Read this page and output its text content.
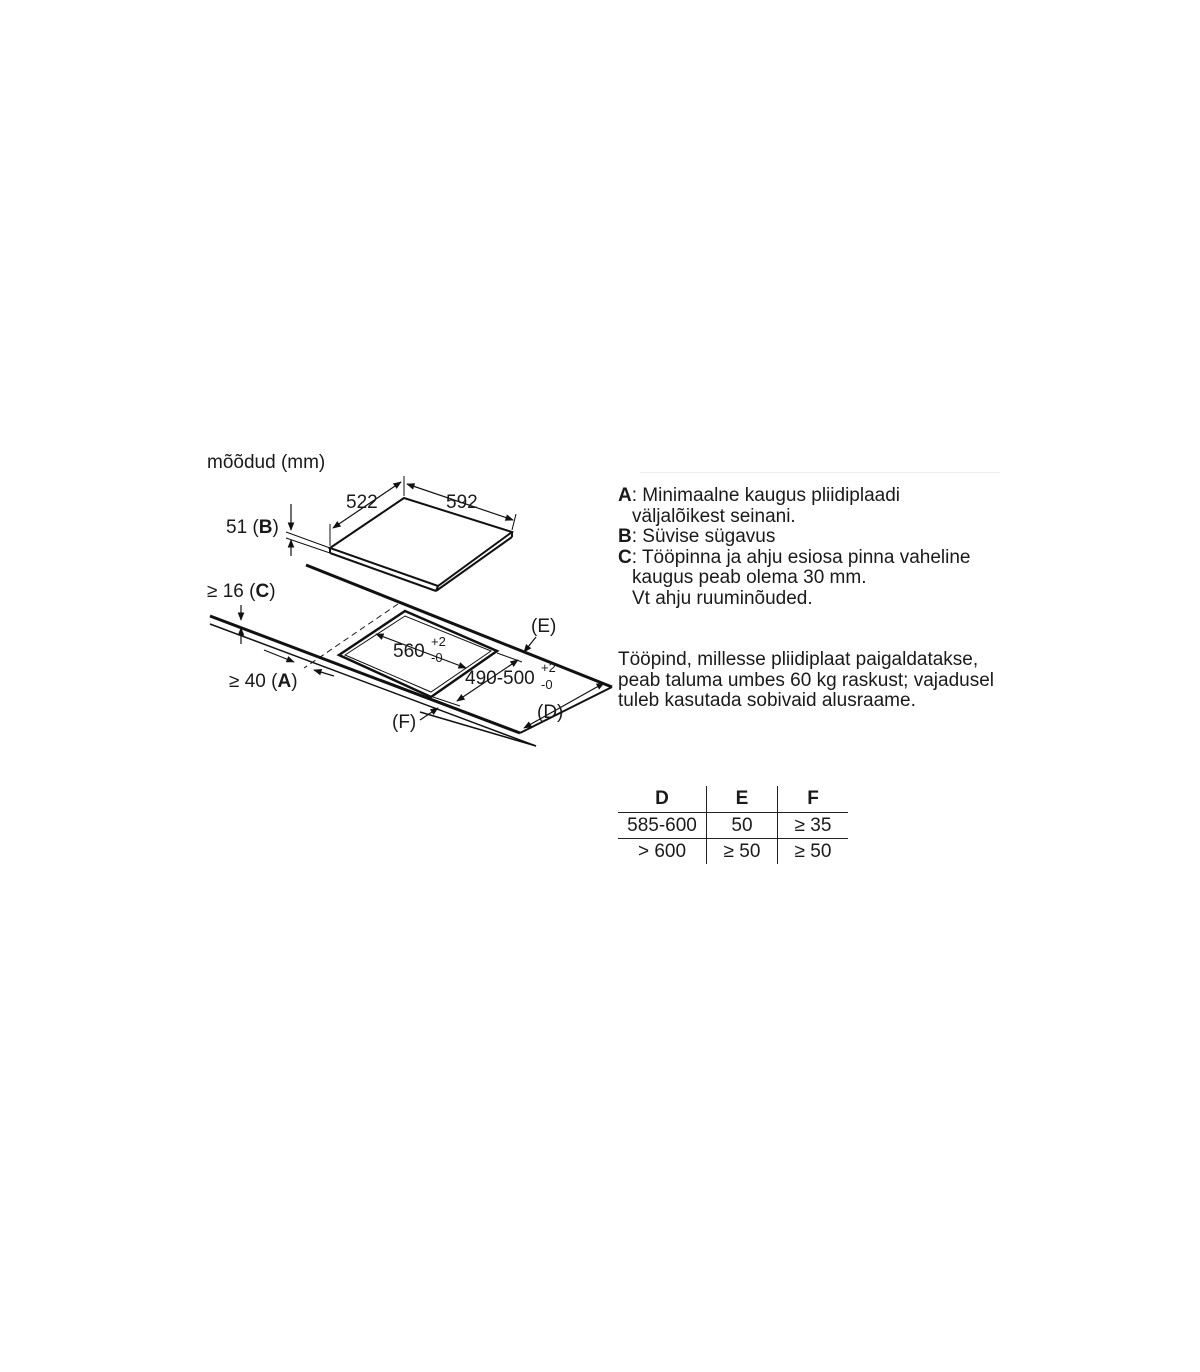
mõõdud (mm)
522	592
51 (B)
560 +2
-0
490-500
+2
-0
(E)
(D)
(F)
≥ 16 (C)
≥ 40 (A)
A : Minimaalne kaugus pliidiplaadi
väljalõikest seinani.
B : Süvise sügavus
C : Tööpinna ja ahju esiosa pinna vaheline
kaugus peab olema 30 mm.
Vt ahju ruuminõuded.
Tööpind, millesse pliidiplaat paigaldatakse, peab taluma umbes 60 kg raskust; vajadusel tuleb kasutada sobivaid alusraame.
D	E	F
585-600	50	≥ 35
> 600	≥ 50	≥ 50
